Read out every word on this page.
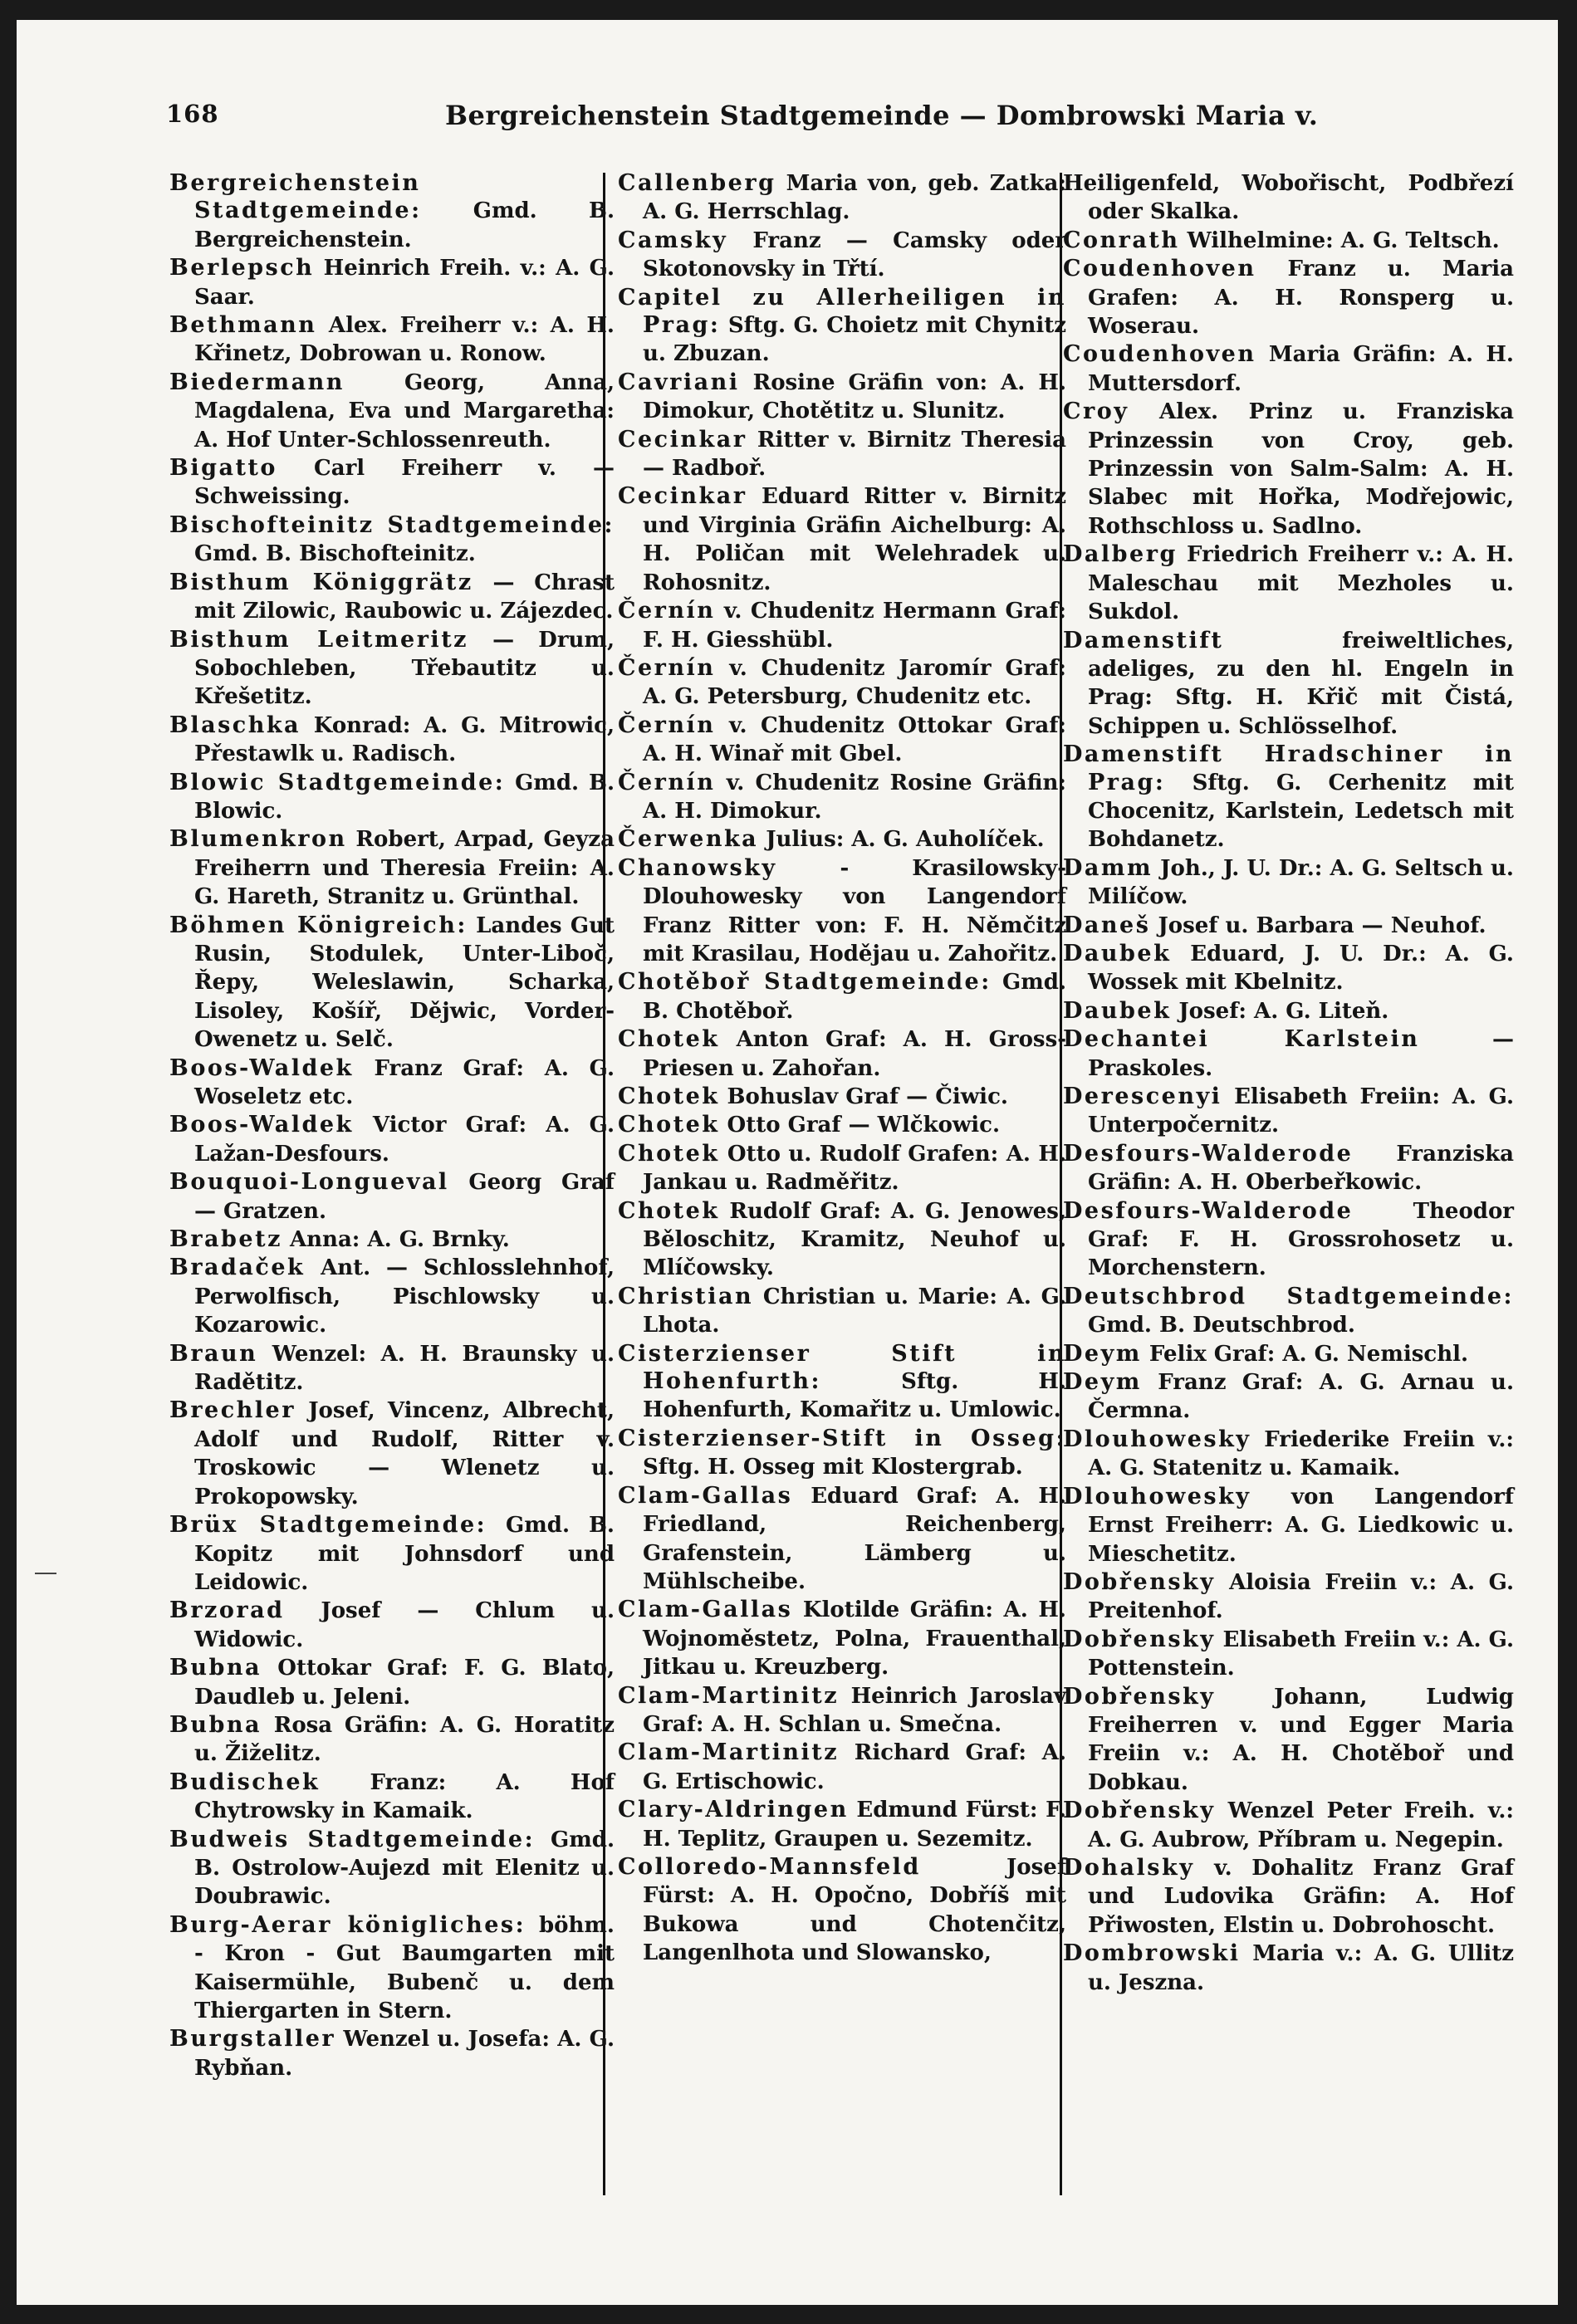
168	Bergreichenstein Stadtgemeinde — Dombrowski Maria v.

Bergreichenstein Stadtgemeinde: Gmd. B. Bergreichenstein.

Berlepsch Heinrich Freih. v.: A. G. Saar.

Bethmann Alex. Freiherr v.: A. H. Křinetz, Dobrowan u. Ronow.

Biedermann Georg, Anna, Magdalena, Eva und Margaretha: A. Hof Unter-Schlossenreuth.

Bigatto Carl Freiherr v. — Schweissing.

Bischofteinitz Stadtgemeinde: Gmd. B. Bischofteinitz.

Bisthum Königgrätz — Chrast mit Zilowic, Raubowic u. Zájezdec.

Bisthum Leitmeritz — Drum, Sobochleben, Třebautitz u. Křešetitz.

Blaschka Konrad: A. G. Mitrowic, Přestawlk u. Radisch.

Blowic Stadtgemeinde: Gmd. B. Blowic.

Blumenkron Robert, Arpad, Geyza Freiherrn und Theresia Freiin: A. G. Hareth, Stranitz u. Grünthal.

Böhmen Königreich: Landes Gut Rusin, Stodulek, Unter-Liboč, Řepy, Weleslawin, Scharka, Lisoley, Košíř, Dějwic, Vorder-Owenetz u. Selč.

Boos-Waldek Franz Graf: A. G. Woseletz etc.

Boos-Waldek Victor Graf: A. G. Lažan-Desfours.

Bouquoi-Longueval Georg Graf — Gratzen.

Brabetz Anna: A. G. Brnky.

Bradaček Ant. — Schlosslehnhof, Perwolfisch, Pischlowsky u. Kozarowic.

Braun Wenzel: A. H. Braunsky u. Radětitz.

Brechler Josef, Vincenz, Albrecht, Adolf und Rudolf, Ritter v. Troskowic — Wlenetz u. Prokopowsky.

Brüx Stadtgemeinde: Gmd. B. Kopitz mit Johnsdorf und Leidowic.

Brzorad Josef — Chlum u. Widowic.

Bubna Ottokar Graf: F. G. Blato, Daudleb u. Jeleni.

Bubna Rosa Gräfin: A. G. Horatitz u. Žiželitz.

Budischek Franz: A. Hof Chytrowsky in Kamaik.

Budweis Stadtgemeinde: Gmd. B. Ostrolow-Aujezd mit Elenitz u. Doubrawic.

Burg-Aerar königliches: böhm. - Kron - Gut Baumgarten mit Kaisermühle, Bubenč u. dem Thiergarten in Stern.

Burgstaller Wenzel u. Josefa: A. G. Rybňan.

Callenberg Maria von, geb. Zatka: A. G. Herrschlag.

Camsky Franz — Camsky oder Skotonovsky in Třtí.

Capitel zu Allerheiligen in Prag: Sftg. G. Choietz mit Chynitz u. Zbuzan.

Cavriani Rosine Gräfin von: A. H. Dimokur, Chotětitz u. Slunitz.

Cecinkar Ritter v. Birnitz Theresia — Radboř.

Cecinkar Eduard Ritter v. Birnitz und Virginia Gräfin Aichelburg: A. H. Poličan mit Welehradek u. Rohosnitz.

Černín v. Chudenitz Hermann Graf: F. H. Giesshübl.

Černín v. Chudenitz Jaromír Graf: A. G. Petersburg, Chudenitz etc.

Černín v. Chudenitz Ottokar Graf: A. H. Winař mit Gbel.

Černín v. Chudenitz Rosine Gräfin: A. H. Dimokur.

Čerwenka Julius: A. G. Auholíček.

Chanowsky - Krasilowsky-Dlouhowesky von Langendorf Franz Ritter von: F. H. Němčitz mit Krasilau, Hodějau u. Zahořitz.

Chotěboř Stadtgemeinde: Gmd. B. Chotěboř.

Chotek Anton Graf: A. H. Gross-Priesen u. Zahořan.

Chotek Bohuslav Graf — Čiwic.

Chotek Otto Graf — Wlčkowic.

Chotek Otto u. Rudolf Grafen: A. H. Jankau u. Radměřitz.

Chotek Rudolf Graf: A. G. Jenowes, Běloschitz, Kramitz, Neuhof u. Mlíčowsky.

Christian Christian u. Marie: A. G. Lhota.

Cisterzienser Stift in Hohenfurth: Sftg. H. Hohenfurth, Komařitz u. Umlowic.

Cisterzienser-Stift in Osseg: Sftg. H. Osseg mit Klostergrab.

Clam-Gallas Eduard Graf: A. H. Friedland, Reichenberg, Grafenstein, Lämberg u. Mühlscheibe.

Clam-Gallas Klotilde Gräfin: A. H. Wojnoměstetz, Polna, Frauenthal, Jitkau u. Kreuzberg.

Clam-Martinitz Heinrich Jaroslav Graf: A. H. Schlan u. Smečna.

Clam-Martinitz Richard Graf: A. G. Ertischowic.

Clary-Aldringen Edmund Fürst: F. H. Teplitz, Graupen u. Sezemitz.

Colloredo-Mannsfeld Josef Fürst: A. H. Opočno, Dobříš mit Bukowa und Chotenčitz, Langenlhota und Slowansko,

Heiligenfeld, Wobořischt, Podbřezí oder Skalka.

Conrath Wilhelmine: A. G. Teltsch.

Coudenhoven Franz u. Maria Grafen: A. H. Ronsperg u. Woserau.

Coudenhoven Maria Gräfin: A. H. Muttersdorf.

Croy Alex. Prinz u. Franziska Prinzessin von Croy, geb. Prinzessin von Salm-Salm: A. H. Slabec mit Hořka, Modřejowic, Rothschloss u. Sadlno.

Dalberg Friedrich Freiherr v.: A. H. Maleschau mit Mezholes u. Sukdol.

Damenstift freiweltliches, adeliges, zu den hl. Engeln in Prag: Sftg. H. Křič mit Čistá, Schippen u. Schlösselhof.

Damenstift Hradschiner in Prag: Sftg. G. Cerhenitz mit Chocenitz, Karlstein, Ledetsch mit Bohdanetz.

Damm Joh., J. U. Dr.: A. G. Seltsch u. Milíčow.

Daneš Josef u. Barbara — Neuhof.

Daubek Eduard, J. U. Dr.: A. G. Wossek mit Kbelnitz.

Daubek Josef: A. G. Liteň.

Dechantei Karlstein — Praskoles.

Derescenyi Elisabeth Freiin: A. G. Unterpočernitz.

Desfours-Walderode Franziska Gräfin: A. H. Oberbeřkowic.

Desfours-Walderode Theodor Graf: F. H. Grossrohosetz u. Morchenstern.

Deutschbrod Stadtgemeinde: Gmd. B. Deutschbrod.

Deym Felix Graf: A. G. Nemischl.

Deym Franz Graf: A. G. Arnau u. Čermna.

Dlouhowesky Friederike Freiin v.: A. G. Statenitz u. Kamaik.

Dlouhowesky von Langendorf Ernst Freiherr: A. G. Liedkowic u. Mieschetitz.

Dobřensky Aloisia Freiin v.: A. G. Preitenhof.

Dobřensky Elisabeth Freiin v.: A. G. Pottenstein.

Dobřensky Johann, Ludwig Freiherren v. und Egger Maria Freiin v.: A. H. Chotěboř und Dobkau.

Dobřensky Wenzel Peter Freih. v.: A. G. Aubrow, Příbram u. Negepin.

Dohalsky v. Dohalitz Franz Graf und Ludovika Gräfin: A. Hof Přiwosten, Elstin u. Dobrohoscht.

Dombrowski Maria v.: A. G. Ullitz u. Jeszna.
